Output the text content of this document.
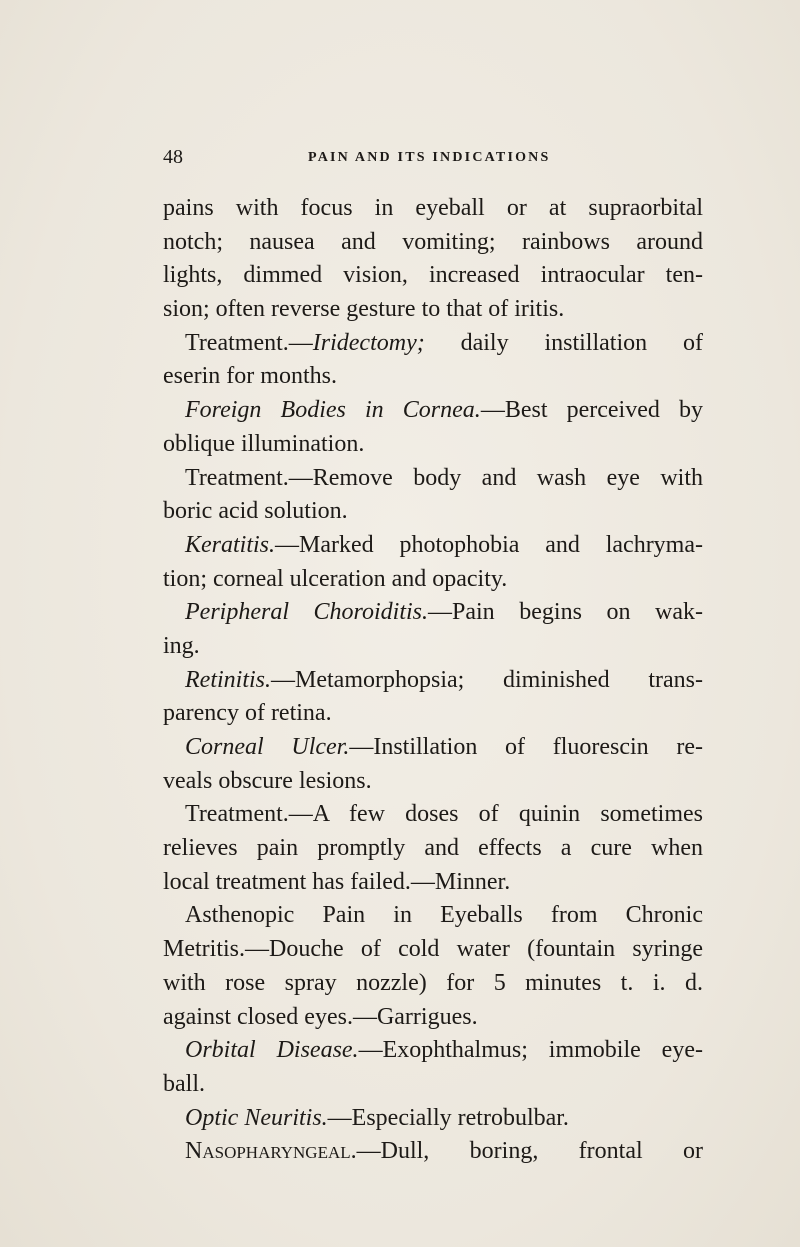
48	PAIN AND ITS INDICATIONS
pains with focus in eyeball or at supraorbital
notch; nausea and vomiting; rainbows around
lights, dimmed vision, increased intraocular ten-
sion; often reverse gesture to that of iritis.
Treatment.—Iridectomy; daily instillation of
eserin for months.
Foreign Bodies in Cornea.—Best perceived by
oblique illumination.
Treatment.—Remove body and wash eye with
boric acid solution.
Keratitis.—Marked photophobia and lachryma-
tion; corneal ulceration and opacity.
Peripheral Choroiditis.—Pain begins on wak-
ing.
Retinitis.—Metamorphopsia; diminished trans-
parency of retina.
Corneal Ulcer.—Instillation of fluorescin re-
veals obscure lesions.
Treatment.—A few doses of quinin sometimes
relieves pain promptly and effects a cure when
local treatment has failed.—Minner.
Asthenopic Pain in Eyeballs from Chronic
Metritis.—Douche of cold water (fountain syringe
with rose spray nozzle) for 5 minutes t. i. d.
against closed eyes.—Garrigues.
Orbital Disease.—Exophthalmus; immobile eye-
ball.
Optic Neuritis.—Especially retrobulbar.
Nasopharyngeal.—Dull, boring, frontal or
